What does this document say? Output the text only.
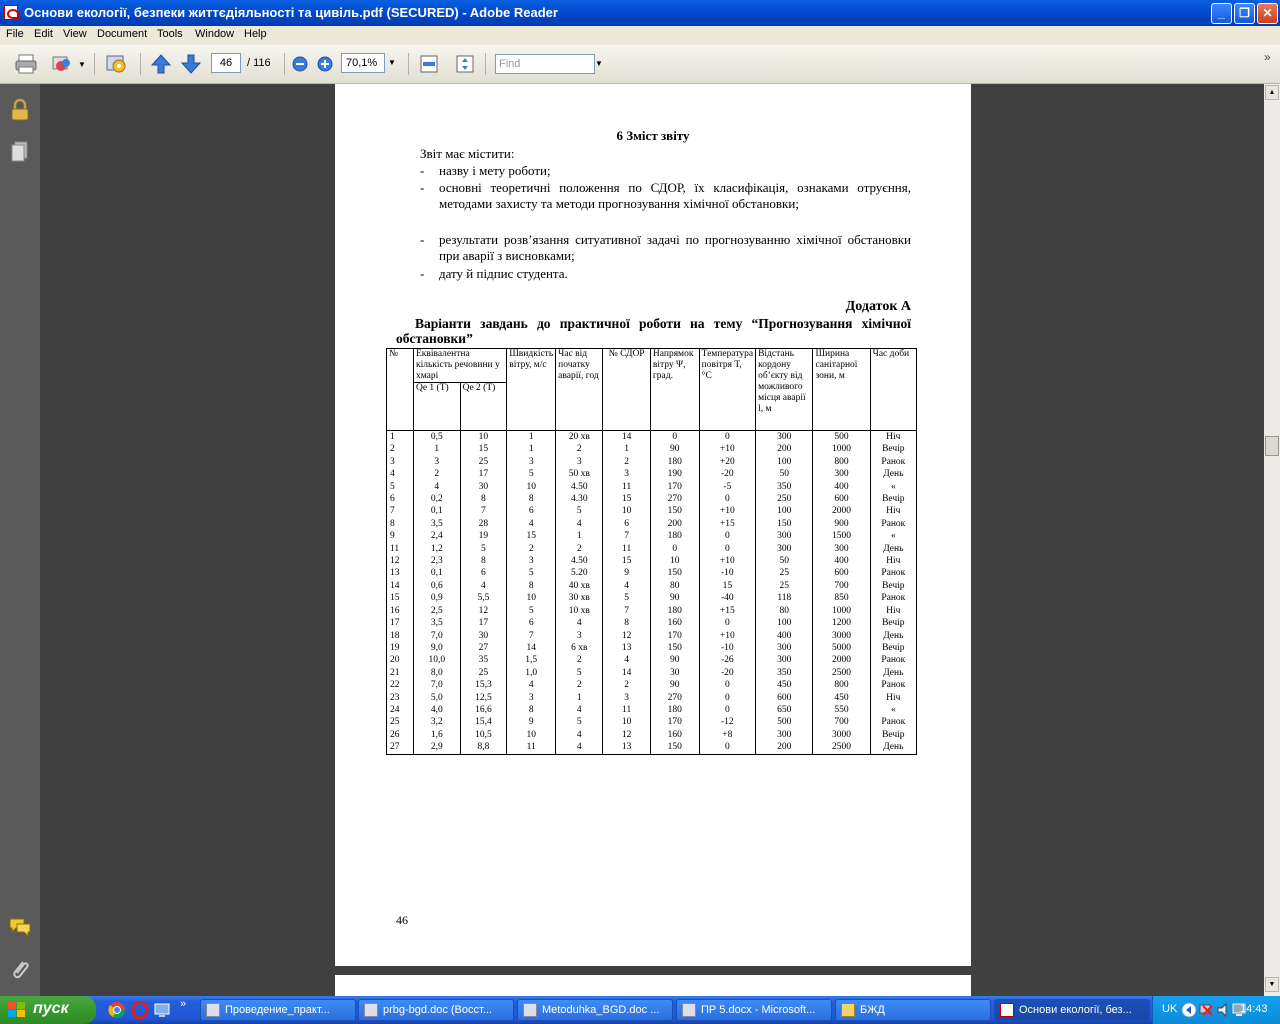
Основи екології, безпеки життєдіяльності та цивіль.pdf (SECURED) - Adobe Reader	_	❐	✕
File Edit View Document Tools Window Help
▼	46	/ 116	70,1%	▼	Find	▼	»
6 Зміст звіту
Звіт має містити:
- назву і мету роботи;
- основні теоретичні положення по СДОР, їх класифікація, ознаками отруєння, методами захисту та методи прогнозування хімічної обстановки;
- результати розв’язання ситуативної задачі по прогнозуванню хімічної обстановки при аварії з висновками;
- дату й підпис студента.
Додаток А
Варіанти завдань до практичної роботи на тему “Прогнозування хімічної обстановки”
№	Еквівалентна кількість речовини у хмарі		Швидкість вітру, м/с	Час від початку аварії, год	№ СДОР	Напрямок вітру Ψ, град.	Температура повітря Т, °С	Відстань кордону об’єкту від можливого місця аварії l, м	Ширина санітарної зони, м	Час доби
	Qe 1 (Т)	Qe 2 (Т)								
1	0,5	10	1	20 хв	14	0	0	300	500	Ніч
2	1	15	1	2	1	90	+10	200	1000	Вечір
3	3	25	3	3	2	180	+20	100	800	Ранок
4	2	17	5	50 хв	3	190	-20	50	300	День
5	4	30	10	4.50	11	170	-5	350	400	«
6	0,2	8	8	4.30	15	270	0	250	600	Вечір
7	0,1	7	6	5	10	150	+10	100	2000	Ніч
8	3,5	28	4	4	6	200	+15	150	900	Ранок
9	2,4	19	15	1	7	180	0	300	1500	«
11	1,2	5	2	2	11	0	0	300	300	День
12	2,3	8	3	4.50	15	10	+10	50	400	Ніч
13	0,1	6	5	5.20	9	150	-10	25	600	Ранок
14	0,6	4	8	40 хв	4	80	15	25	700	Вечір
15	0,9	5,5	10	30 хв	5	90	-40	118	850	Ранок
16	2,5	12	5	10 хв	7	180	+15	80	1000	Ніч
17	3,5	17	6	4	8	160	0	100	1200	Вечір
18	7,0	30	7	3	12	170	+10	400	3000	День
19	9,0	27	14	6 хв	13	150	-10	300	5000	Вечір
20	10,0	35	1,5	2	4	90	-26	300	2000	Ранок
21	8,0	25	1,0	5	14	30	-20	350	2500	День
22	7,0	15,3	4	2	2	90	0	450	800	Ранок
23	5,0	12,5	3	1	3	270	0	600	450	Ніч
24	4,0	16,6	8	4	11	180	0	650	550	«
25	3,2	15,4	9	5	10	170	-12	500	700	Ранок
26	1,6	10,5	10	4	12	160	+8	300	3000	Вечір
27	2,9	8,8	11	4	13	150	0	200	2500	День
46
▲
▼
пуск	»	Проведение_практ...	prbg-bgd.doc (Восст...	Metoduhka_BGD.doc ...	ПР 5.docx - Microsoft...	БЖД	Основи екології, без...	UK	14:43
